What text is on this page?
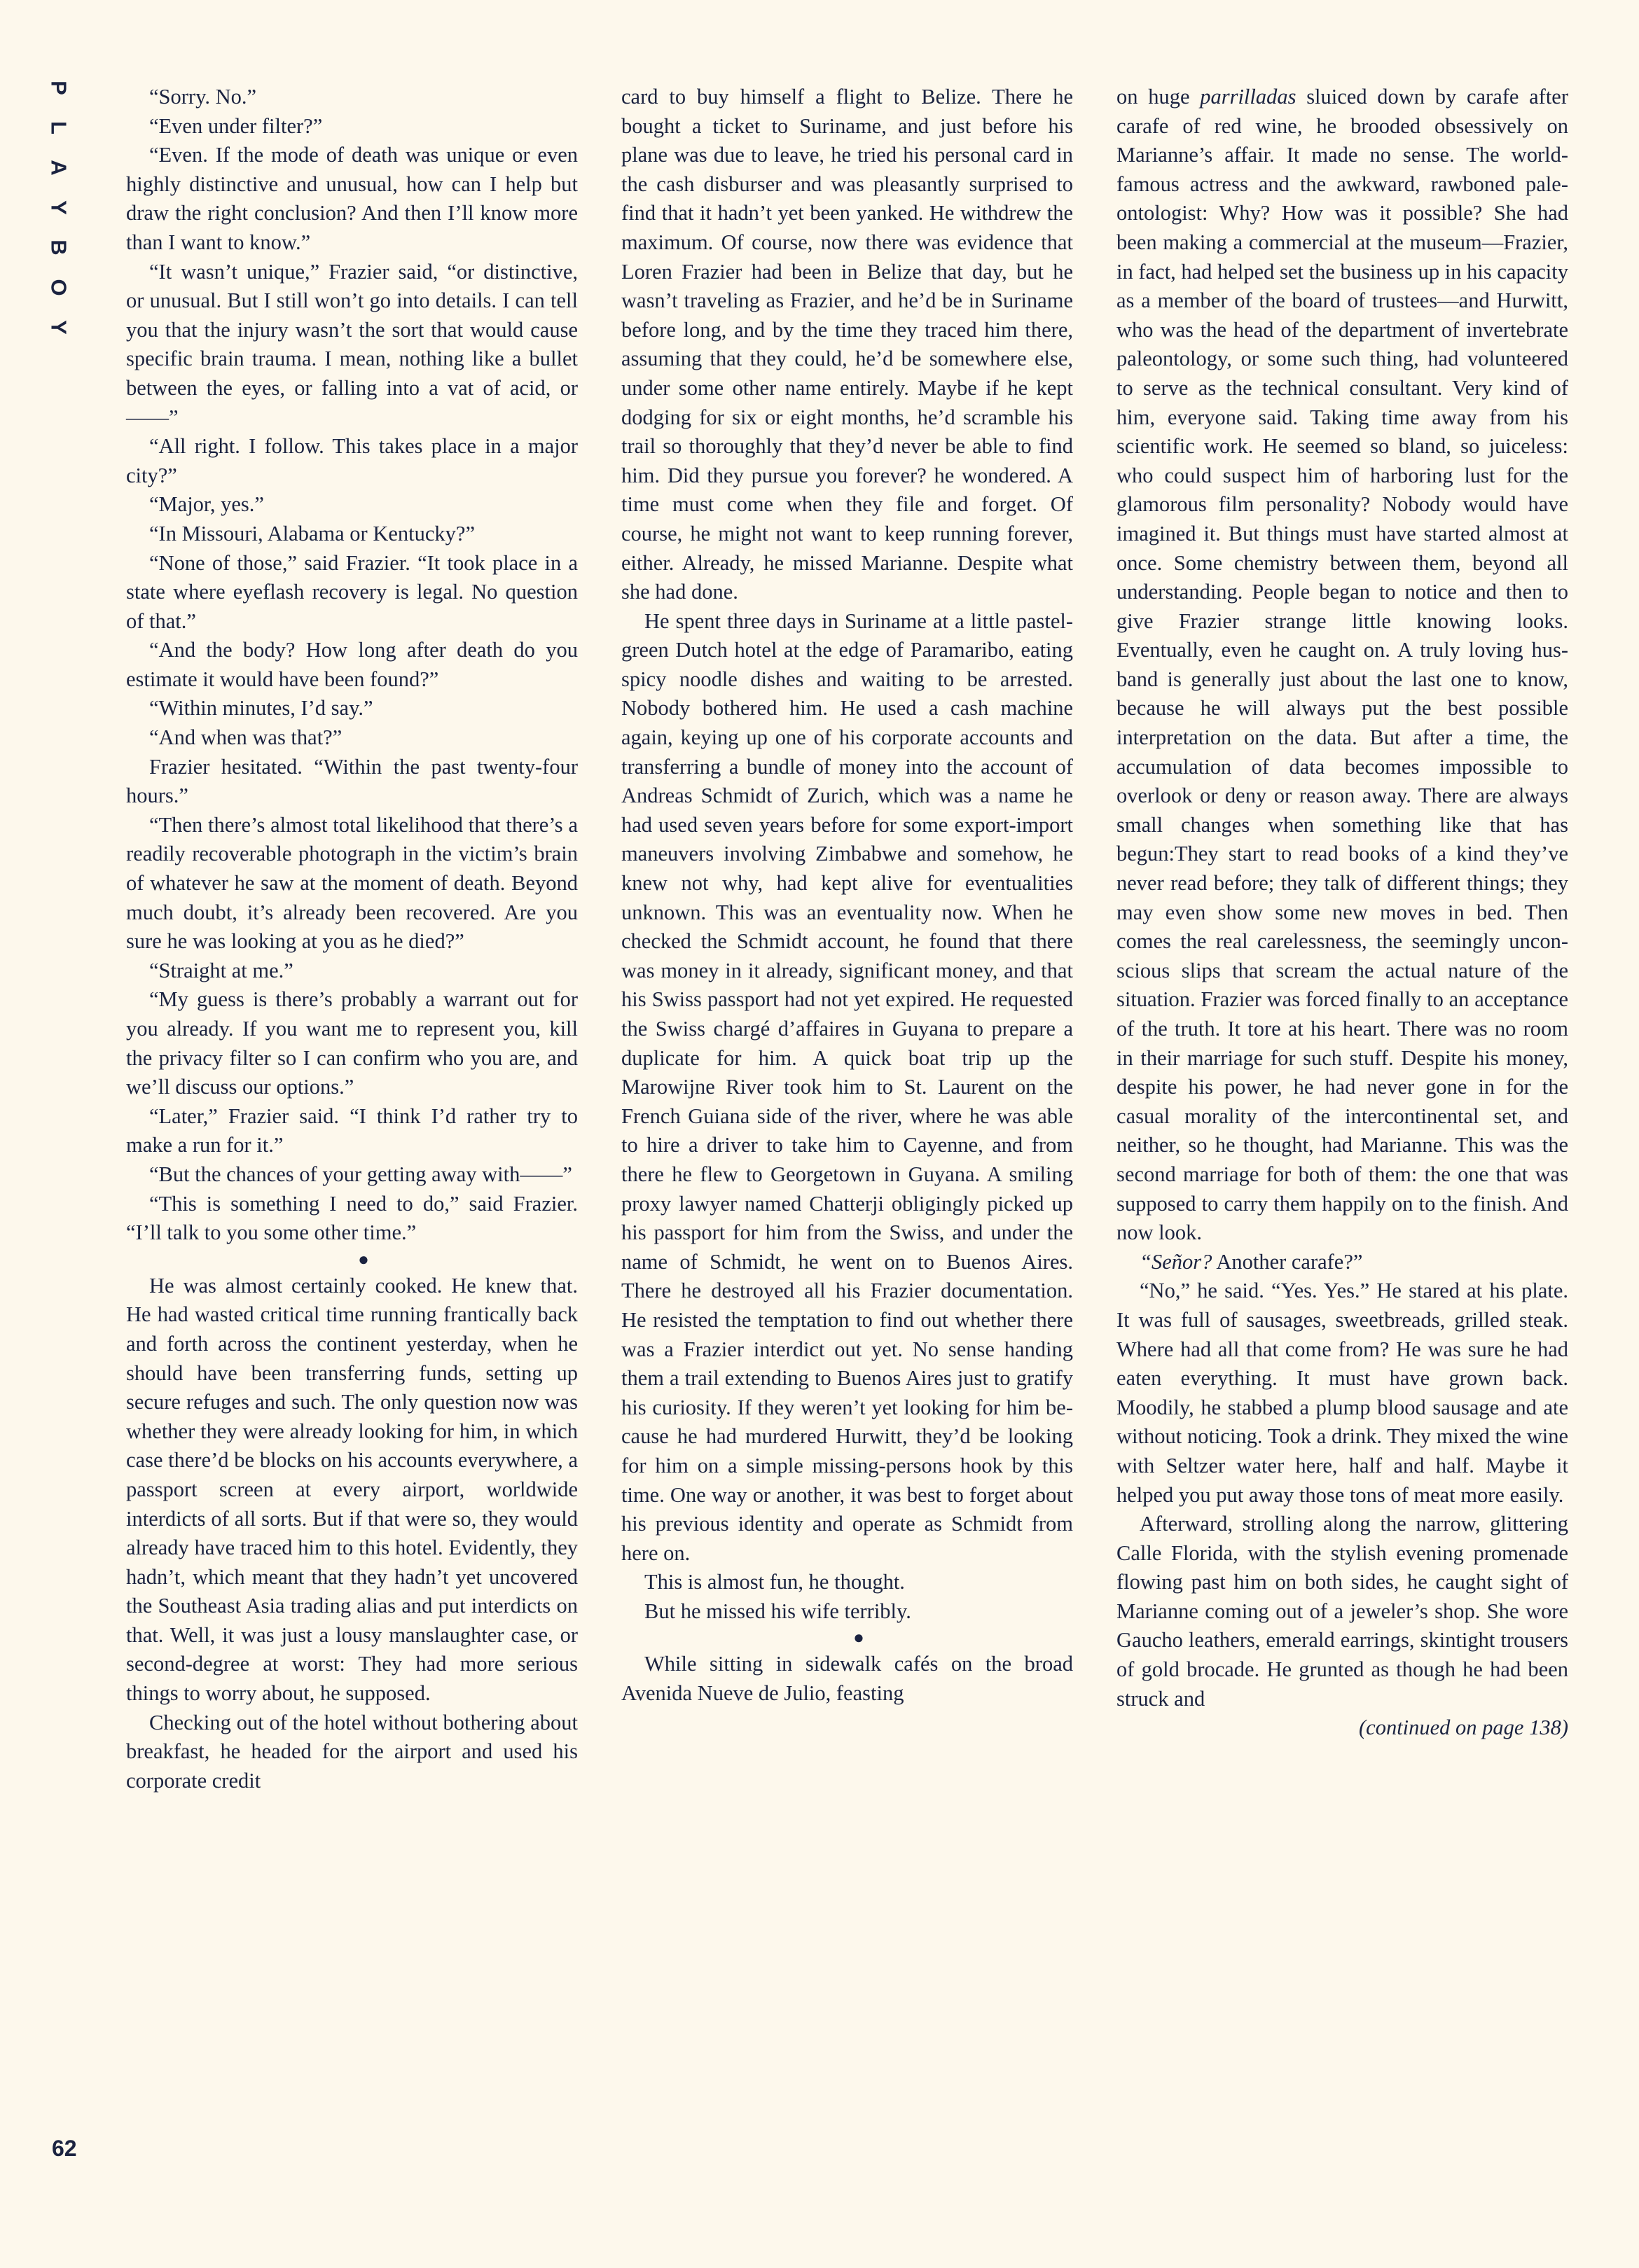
P
L
A
Y
B
O
Y
62

“Sorry. No.”

“Even under filter?”

“Even. If the mode of death was unique or even highly distinctive and unusual, how can I help but draw the right conclusion? And then I’ll know more than I want to know.”

“It wasn’t unique,” Frazier said, “or distinctive, or unusual. But I still won’t go into details. I can tell you that the injury wasn’t the sort that would cause specific brain trauma. I mean, nothing like a bullet between the eyes, or falling into a vat of acid, or——”

“All right. I follow. This takes place in a major city?”

“Major, yes.”

“In Missouri, Alabama or Kentucky?”

“None of those,” said Frazier. “It took place in a state where eyeflash recovery is legal. No question of that.”

“And the body? How long after death do you estimate it would have been found?”

“Within minutes, I’d say.”

“And when was that?”

Frazier hesitated. “Within the past twenty-four hours.”

“Then there’s almost total likelihood that there’s a readily recoverable photograph in the victim’s brain of whatever he saw at the moment of death. Beyond much doubt, it’s already been recovered. Are you sure he was looking at you as he died?”

“Straight at me.”

“My guess is there’s probably a warrant out for you already. If you want me to represent you, kill the privacy filter so I can confirm who you are, and we’ll discuss our options.”

“Later,” Frazier said. “I think I’d rather try to make a run for it.”

“But the chances of your getting away with——”

“This is something I need to do,” said Frazier. “I’ll talk to you some other time.”

●

He was almost certainly cooked. He knew that. He had wasted critical time running frantically back and forth across the continent yesterday, when he should have been transferring funds, setting up secure refuges and such. The only question now was whether they were already looking for him, in which case there’d be blocks on his accounts everywhere, a passport screen at every airport, worldwide interdicts of all sorts. But if that were so, they would already have traced him to this hotel. Evidently, they hadn’t, which meant that they hadn’t yet uncovered the Southeast Asia trading alias and put interdicts on that. Well, it was just a lousy manslaughter case, or second-degree at worst: They had more serious things to worry about, he supposed.

Checking out of the hotel without bothering about breakfast, he headed for the airport and used his corporate credit

card to buy himself a flight to Belize. There he bought a ticket to Suriname, and just before his plane was due to leave, he tried his personal card in the cash disburser and was pleasantly surprised to find that it hadn’t yet been yanked. He withdrew the maximum. Of course, now there was evidence that Loren Frazier had been in Belize that day, but he wasn’t traveling as Frazier, and he’d be in Suriname before long, and by the time they traced him there, assuming that they could, he’d be somewhere else, under some other name entirely. Maybe if he kept dodging for six or eight months, he’d scramble his trail so thoroughly that they’d never be able to find him. Did they pursue you forever? he wondered. A time must come when they file and forget. Of course, he might not want to keep running forever, either. Already, he missed Marianne. Despite what she had done.

He spent three days in Suriname at a little pastel-green Dutch hotel at the edge of Paramaribo, eating spicy noodle dishes and waiting to be arrested. Nobody bothered him. He used a cash machine again, keying up one of his corporate accounts and transferring a bundle of money into the account of Andreas Schmidt of Zurich, which was a name he had used seven years before for some export-import maneuvers involving Zimbabwe and somehow, he knew not why, had kept alive for eventualities unknown. This was an eventuality now. When he checked the Schmidt account, he found that there was money in it already, significant money, and that his Swiss passport had not yet expired. He requested the Swiss chargé d’affaires in Guyana to prepare a duplicate for him. A quick boat trip up the Marowijne River took him to St. Laurent on the French Guiana side of the river, where he was able to hire a driver to take him to Cayenne, and from there he flew to Georgetown in Guyana. A smiling proxy lawyer named Chatterji obligingly picked up his passport for him from the Swiss, and under the name of Schmidt, he went on to Buenos Aires. There he destroyed all his Frazier documentation. He resisted the temptation to find out whether there was a Frazier interdict out yet. No sense handing them a trail extending to Buenos Aires just to gratify his curiosity. If they weren’t yet looking for him because he had murdered Hurwitt, they’d be looking for him on a simple missing-persons hook by this time. One way or another, it was best to forget about his previous identity and operate as Schmidt from here on.

This is almost fun, he thought.

But he missed his wife terribly.

●

While sitting in sidewalk cafés on the broad Avenida Nueve de Julio, feasting

on huge parrilladas sluiced down by carafe after carafe of red wine, he brooded obsessively on Marianne’s affair. It made no sense. The world-famous actress and the awkward, rawboned paleontologist: Why? How was it possible? She had been making a commercial at the museum—Frazier, in fact, had helped set the business up in his capacity as a member of the board of trustees—and Hurwitt, who was the head of the department of invertebrate paleontology, or some such thing, had volunteered to serve as the technical consultant. Very kind of him, everyone said. Taking time away from his scientific work. He seemed so bland, so juiceless: who could suspect him of harboring lust for the glamorous film personality? Nobody would have imagined it. But things must have started almost at once. Some chemistry between them, beyond all understanding. People began to notice and then to give Frazier strange little knowing looks. Eventually, even he caught on. A truly loving husband is generally just about the last one to know, because he will always put the best possible interpretation on the data. But after a time, the accumulation of data becomes impossible to overlook or deny or reason away. There are always small changes when something like that has begun:They start to read books of a kind they’ve never read before; they talk of different things; they may even show some new moves in bed. Then comes the real carelessness, the seemingly unconscious slips that scream the actual nature of the situation. Frazier was forced finally to an acceptance of the truth. It tore at his heart. There was no room in their marriage for such stuff. Despite his money, despite his power, he had never gone in for the casual morality of the intercontinental set, and neither, so he thought, had Marianne. This was the second marriage for both of them: the one that was supposed to carry them happily on to the finish. And now look.

“Señor? Another carafe?”

“No,” he said. “Yes. Yes.” He stared at his plate. It was full of sausages, sweetbreads, grilled steak. Where had all that come from? He was sure he had eaten everything. It must have grown back. Moodily, he stabbed a plump blood sausage and ate without noticing. Took a drink. They mixed the wine with Seltzer water here, half and half. Maybe it helped you put away those tons of meat more easily.

Afterward, strolling along the narrow, glittering Calle Florida, with the stylish evening promenade flowing past him on both sides, he caught sight of Marianne coming out of a jeweler’s shop. She wore Gaucho leathers, emerald earrings, skintight trousers of gold brocade. He grunted as though he had been struck and

(continued on page 138)
